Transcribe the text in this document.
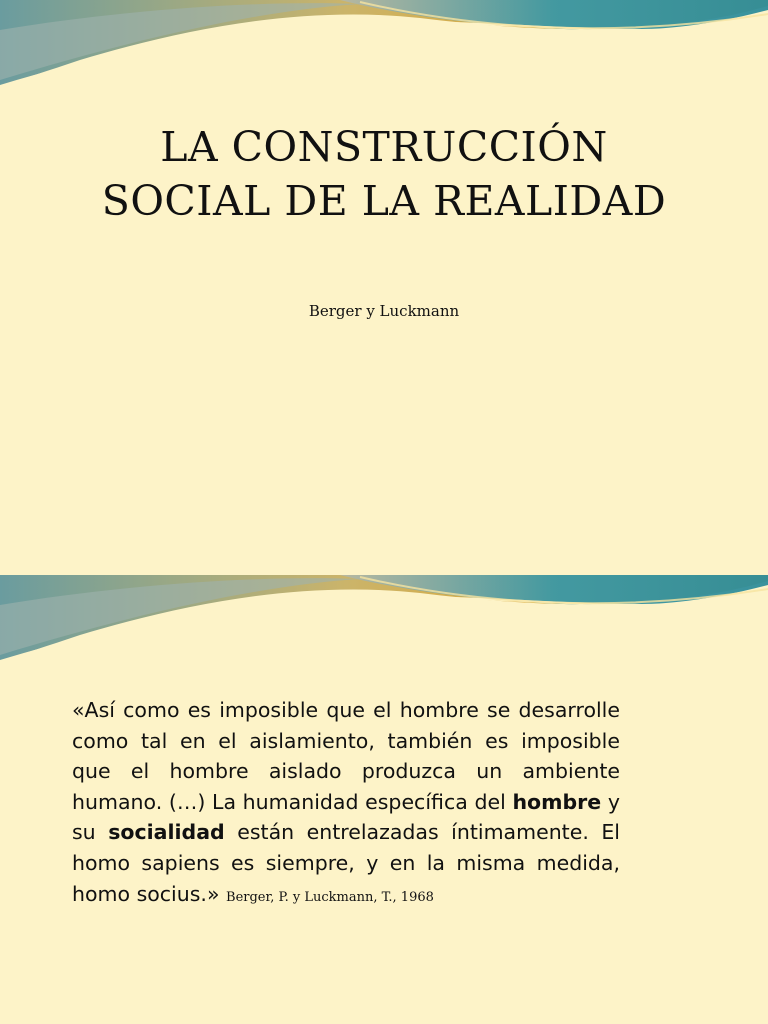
LA CONSTRUCCIÓN
SOCIAL DE LA REALIDAD
Berger y Luckmann
«Así como es imposible que el hombre se desarrolle como tal en el aislamiento, también es imposible que el hombre aislado produzca un ambiente humano. (…) La humanidad específica del hombre y su socialidad están entrelazadas íntimamente. El homo sapiens es siempre, y en la misma medida, homo socius.» Berger, P. y Luckmann, T., 1968
